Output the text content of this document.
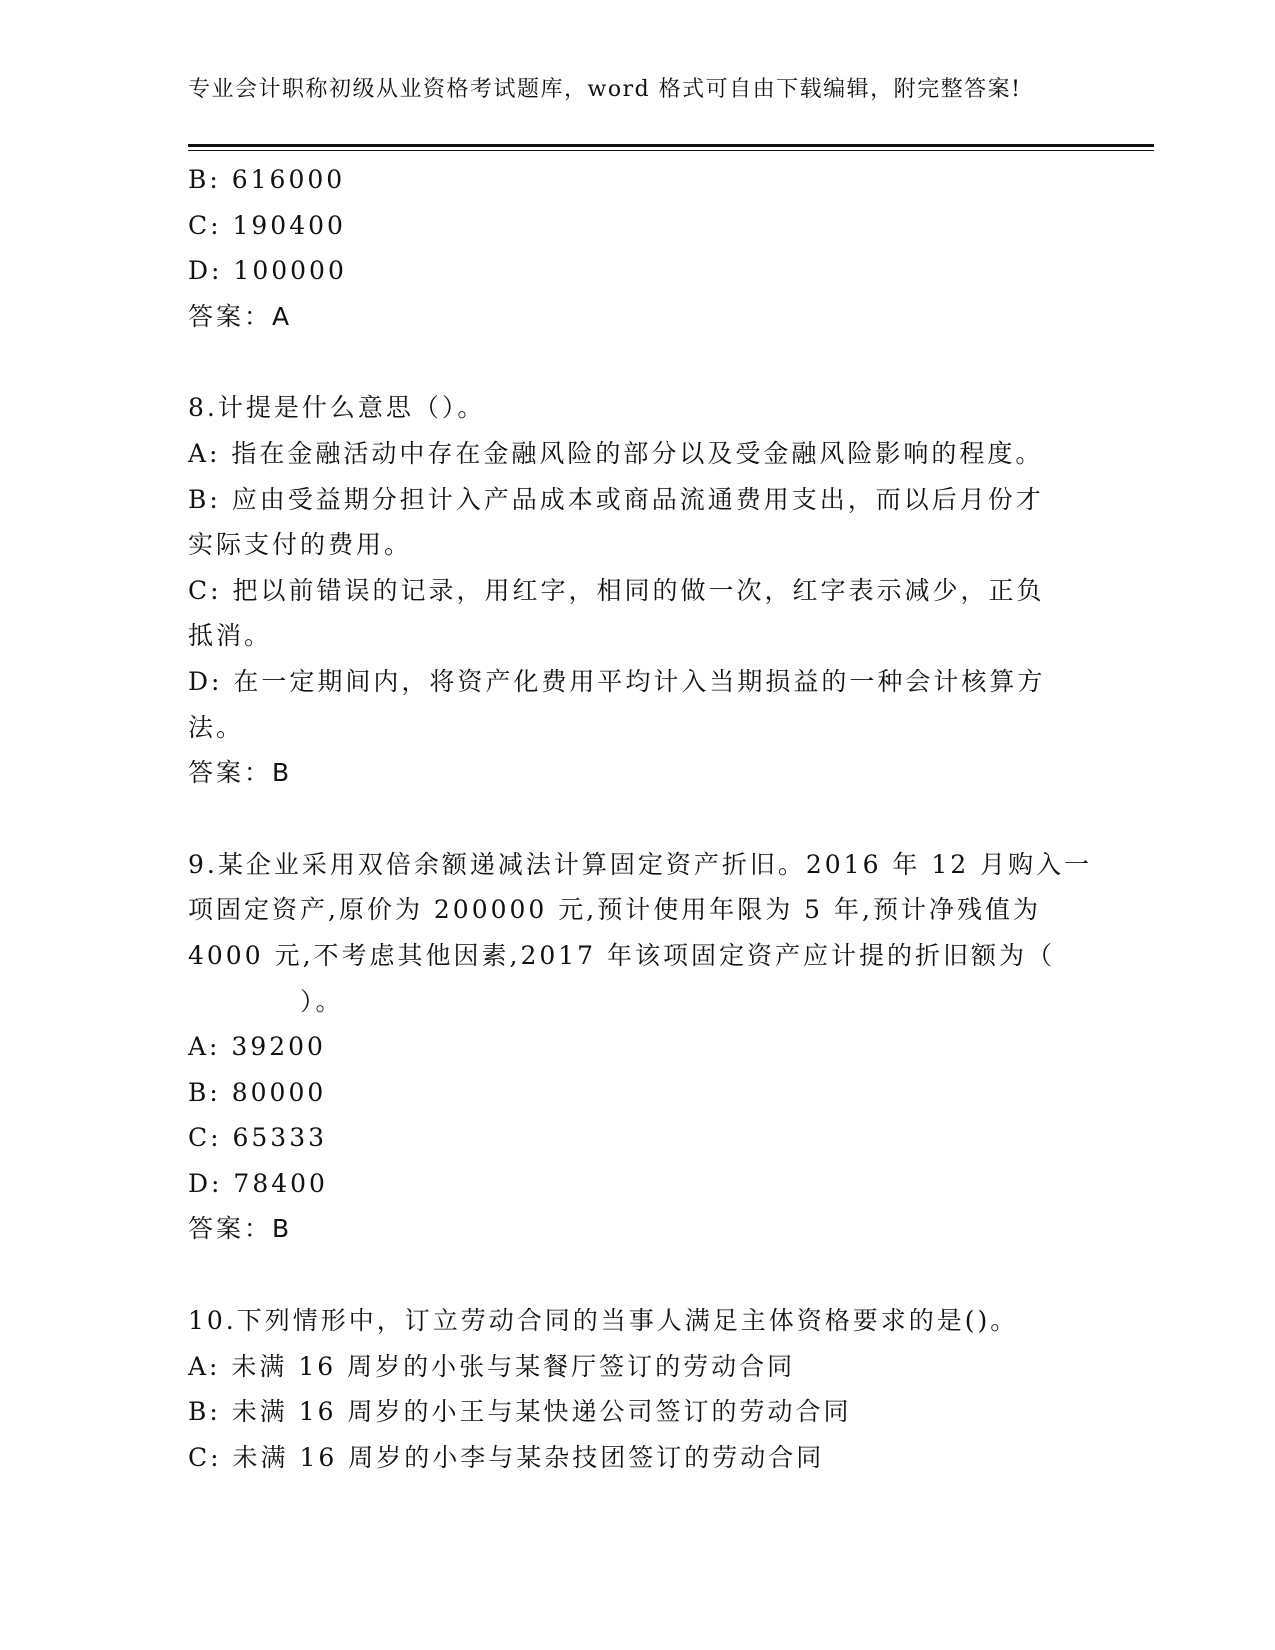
专业会计职称初级从业资格考试题库，word 格式可自由下载编辑，附完整答案!
B: 616000
C: 190400
D: 100000
答案：A
8.计提是什么意思（）。
A: 指在金融活动中存在金融风险的部分以及受金融风险影响的程度。
B: 应由受益期分担计入产品成本或商品流通费用支出，而以后月份才
实际支付的费用。
C: 把以前错误的记录，用红字，相同的做一次，红字表示减少，正负
抵消。
D: 在一定期间内，将资产化费用平均计入当期损益的一种会计核算方
法。
答案：B
9.某企业采用双倍余额递减法计算固定资产折旧。2016 年 12 月购入一
项固定资产,原价为 200000 元,预计使用年限为 5 年,预计净残值为
4000 元,不考虑其他因素,2017 年该项固定资产应计提的折旧额为（
）。
A: 39200
B: 80000
C: 65333
D: 78400
答案：B
10.下列情形中，订立劳动合同的当事人满足主体资格要求的是()。
A: 未满 16 周岁的小张与某餐厅签订的劳动合同
B: 未满 16 周岁的小王与某快递公司签订的劳动合同
C: 未满 16 周岁的小李与某杂技团签订的劳动合同
